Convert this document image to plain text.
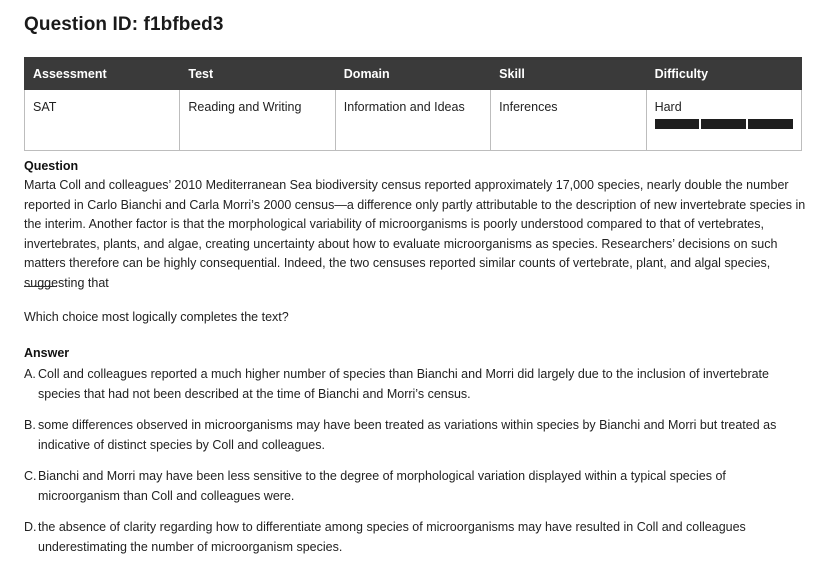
Question ID: f1bfbed3
Assessment	Test	Domain	Skill	Difficulty
SAT	Reading and Writing	Information and Ideas	Inferences	Hard
Question

Marta Coll and colleagues’ 2010 Mediterranean Sea biodiversity census reported approximately 17,000 species, nearly double the number reported in Carlo Bianchi and Carla Morri’s 2000 census—a difference only partly attributable to the description of new invertebrate species in the interim. Another factor is that the morphological variability of microorganisms is poorly understood compared to that of vertebrates, invertebrates, plants, and algae, creating uncertainty about how to evaluate microorganisms as species. Researchers’ decisions on such matters therefore can be highly consequential. Indeed, the two censuses reported similar counts of vertebrate, plant, and algal species, suggesting that

Which choice most logically completes the text?
Answer
A. Coll and colleagues reported a much higher number of species than Bianchi and Morri did largely due to the inclusion of invertebrate species that had not been described at the time of Bianchi and Morri’s census.
B. some differences observed in microorganisms may have been treated as variations within species by Bianchi and Morri but treated as indicative of distinct species by Coll and colleagues.
C. Bianchi and Morri may have been less sensitive to the degree of morphological variation displayed within a typical species of microorganism than Coll and colleagues were.
D. the absence of clarity regarding how to differentiate among species of microorganisms may have resulted in Coll and colleagues underestimating the number of microorganism species.
